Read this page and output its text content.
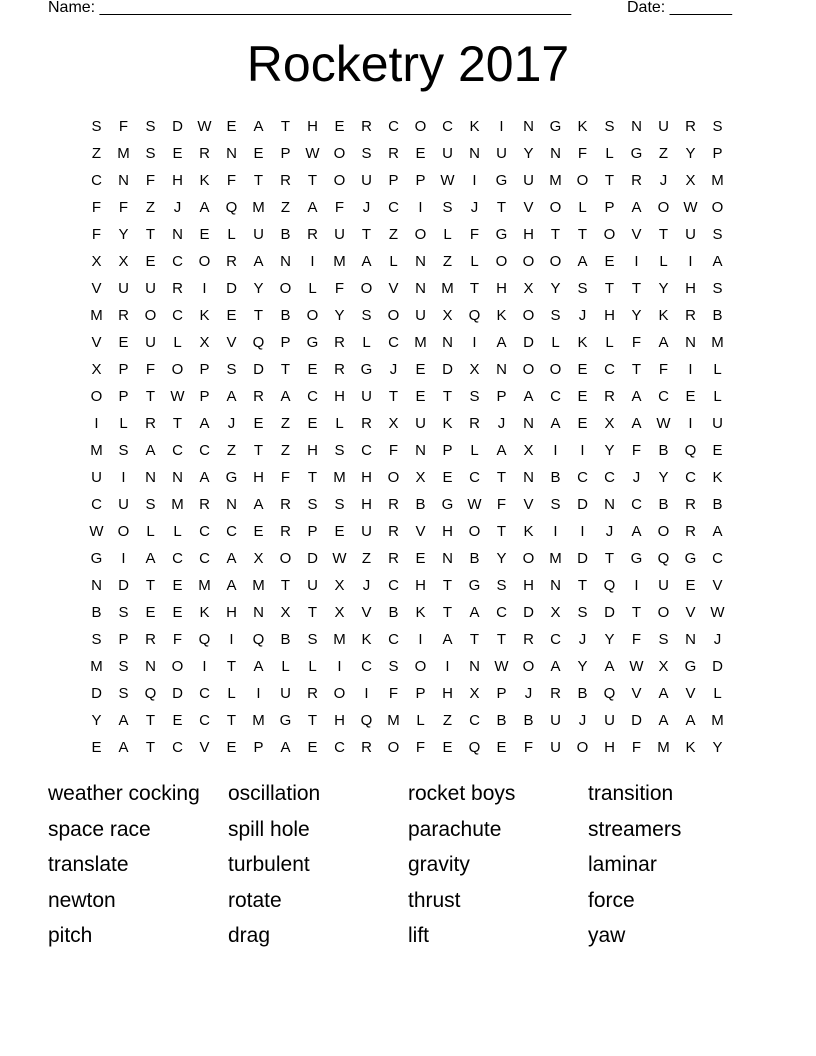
Name: _____________________________________________________	Date: _______
Rocketry 2017
S	F	S	D W E	A	T	H	E	R	C	O	C	K	I	N	G	K	S	N	U	R	S
Z	M	S	E	R	N	E	P W O	S	R	E	U	N	U	Y	N	F	L	G	Z	Y	P
C	N	F	H	K	F	T	R	T	O	U	P	P W	I	G	U	M O	T	R	J	X	M
F	F	Z	J	A	Q M	Z	A	F	J	C	I	S	J	T	V	O	L	P	A	O W O
F	Y	T	N	E	L	U	B	R	U	T	Z	O	L	F	G	H	T	T	O	V	T	U	S
X	X	E	C	O	R	A	N	I	M	A	L	N	Z	L	O	O	O	A	E	I	L	I	A
V	U	U	R	I	D	Y	O	L	F	O	V	N	M	T	H	X	Y	S	T	T	Y	H	S
M	R	O	C	K	E	T	B	O	Y	S	O	U	X	Q	K	O	S	J	H	Y	K	R	B
V	E	U	L	X	V	Q	P	G	R	L	C	M	N	I	A	D	L	K	L	F	A	N	M
X	P	F	O	P	S	D	T	E	R	G	J	E	D	X	N	O	O	E	C	T	F	I	L
O	P	T	W P	A	R	A	C	H	U	T	E	T	S	P	A	C	E	R	A	C	E	L
I	L	R	T	A	J	E	Z	E	L	R	X	U	K	R	J	N	A	E	X	A W	I	U
M	S	A	C	C	Z	T	Z	H	S	C	F	N	P	L	A	X	I	I	Y	F	B	Q	E
U	I	N	N	A	G	H	F	T	M	H	O	X	E	C	T	N	B	C	C	J	Y	C	K
C	U	S	M	R	N	A	R	S	S	H	R	B	G W	F	V	S	D	N	C	B	R	B
W O	L	L	C	C	E	R	P	E	U	R	V	H	O	T	K	I	I	J	A	O	R	A
G	I	A	C	C	A	X	O	D W	Z	R	E	N	B	Y	O M	D	T	G	Q	G	C
N	D	T	E	M	A	M	T	U	X	J	C	H	T	G	S	H	N	T	Q	I	U	E	V
B	S	E	E	K	H	N	X	T	X	V	B	K	T	A	C	D	X	S	D	T	O	V W
S	P	R	F	Q	I	Q	B	S	M	K	C	I	A	T	T	R	C	J	Y	F	S	N	J
M	S	N	O	I	T	A	L	L	I	C	S	O	I	N W O	A	Y	A W X	G	D
D	S	Q	D	C	L	I	U	R	O	I	F	P	H	X	P	J	R	B	Q	V	A	V	L
Y	A	T	E	C	T	M G	T	H	Q M	L	Z	C	B	B	U	J	U	D	A	A	M
E	A	T	C	V	E	P	A	E	C	R	O	F	E	Q	E	F	U	O	H	F	M	K	Y
weather cocking	oscillation	rocket boys	transition
space race	spill hole	parachute	streamers
translate	turbulent	gravity	laminar
newton	rotate	thrust	force
pitch	drag	lift	yaw
